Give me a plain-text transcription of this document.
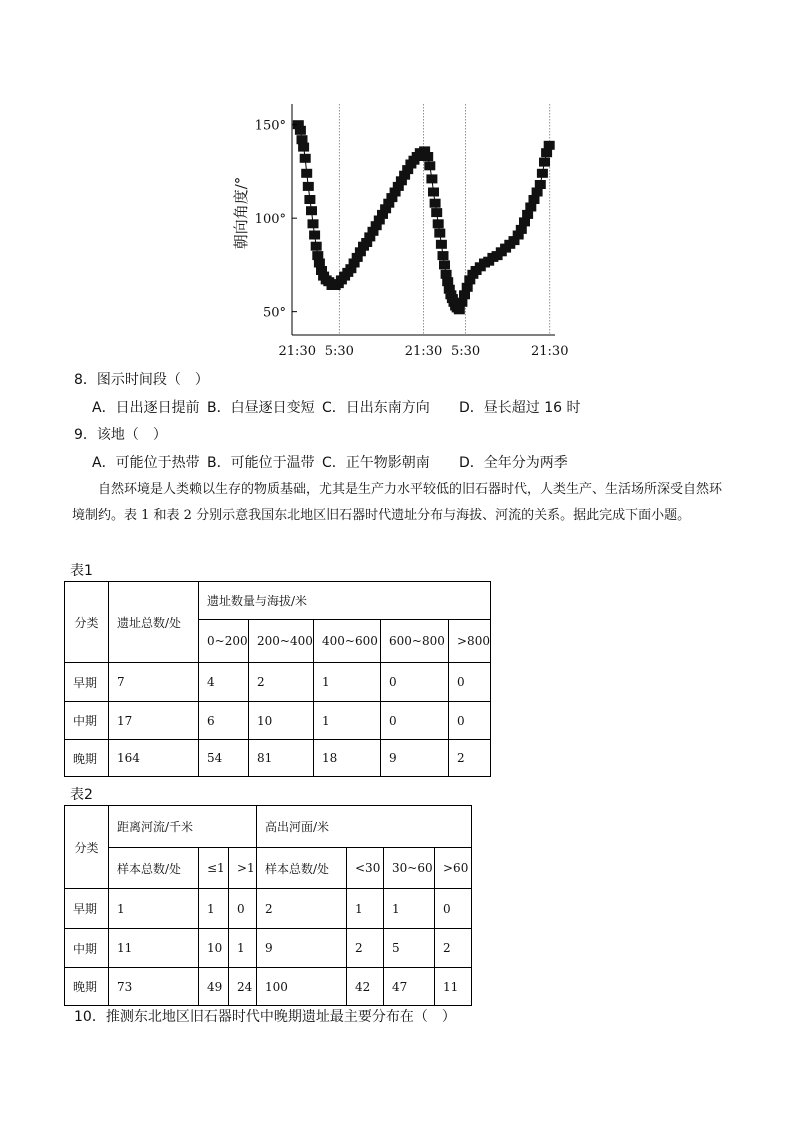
150°
100°
50°
21:30 5:30	21:30 5:30	21:30
朝向角度/°
8．图示时间段（　）
A．日出逐日提前 B．白昼逐日变短 C．日出东南方向 D．昼长超过 16 时
9．该地（　）
A．可能位于热带 B．可能位于温带 C．正午物影朝南 D．全年分为两季
自然环境是人类赖以生存的物质基础，尤其是生产力水平较低的旧石器时代，人类生产、生活场所深受自然环境制约。表 1 和表 2 分别示意我国东北地区旧石器时代遗址分布与海拔、河流的关系。据此完成下面小题。
表1
分类	遗址总数/处	遗址数量与海拔/米				
		0~200	200~400	400~600	600~800	>800
早期	7	4	2	1	0	0
中期	17	6	10	1	0	0
晚期	164	54	81	18	9	2
表2
分类	距离河流/千米			高出河面/米			
	样本总数/处	≤1	>1	样本总数/处	<30	30~60	>60
早期	1	1	0	2	1	1	0
中期	11	10	1	9	2	5	2
晚期	73	49	24	100	42	47	11
10．推测东北地区旧石器时代中晚期遗址最主要分布在（　）
